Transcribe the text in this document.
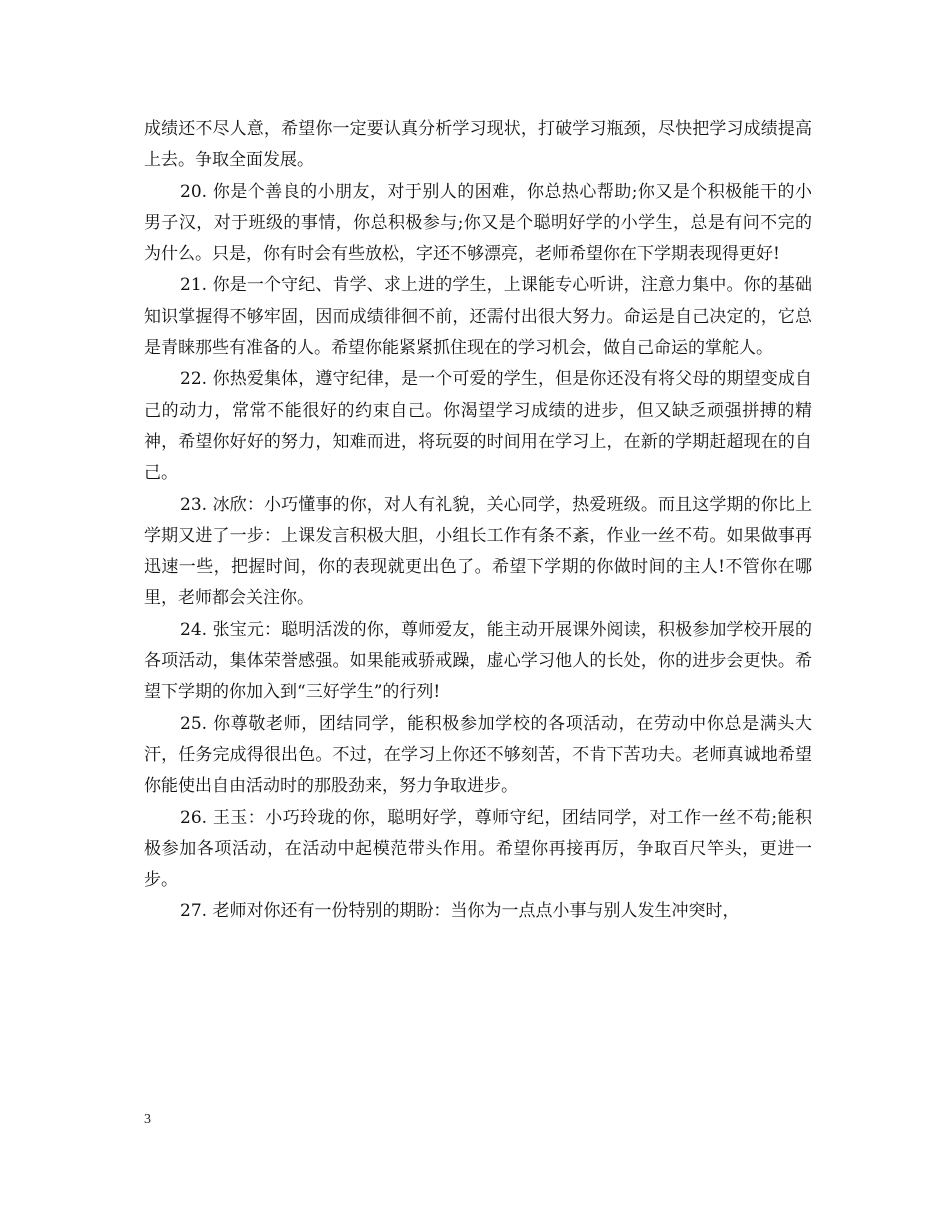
成绩还不尽人意，希望你一定要认真分析学习现状，打破学习瓶颈，尽快把学习成绩提高上去。争取全面发展。

20. 你是个善良的小朋友，对于别人的困难，你总热心帮助;你又是个积极能干的小男子汉，对于班级的事情，你总积极参与;你又是个聪明好学的小学生，总是有问不完的为什么。只是，你有时会有些放松，字还不够漂亮，老师希望你在下学期表现得更好!

21. 你是一个守纪、肯学、求上进的学生，上课能专心听讲，注意力集中。你的基础知识掌握得不够牢固，因而成绩徘徊不前，还需付出很大努力。命运是自己决定的，它总是青睐那些有准备的人。希望你能紧紧抓住现在的学习机会，做自己命运的掌舵人。

22. 你热爱集体，遵守纪律，是一个可爱的学生，但是你还没有将父母的期望变成自己的动力，常常不能很好的约束自己。你渴望学习成绩的进步，但又缺乏顽强拼搏的精神，希望你好好的努力，知难而进，将玩耍的时间用在学习上，在新的学期赶超现在的自己。

23. 冰欣：小巧懂事的你，对人有礼貌，关心同学，热爱班级。而且这学期的你比上学期又进了一步：上课发言积极大胆，小组长工作有条不紊，作业一丝不苟。如果做事再迅速一些，把握时间，你的表现就更出色了。希望下学期的你做时间的主人!不管你在哪里，老师都会关注你。

24. 张宝元：聪明活泼的你，尊师爱友，能主动开展课外阅读，积极参加学校开展的各项活动，集体荣誉感强。如果能戒骄戒躁，虚心学习他人的长处，你的进步会更快。希望下学期的你加入到“三好学生”的行列!

25. 你尊敬老师，团结同学，能积极参加学校的各项活动，在劳动中你总是满头大汗，任务完成得很出色。不过，在学习上你还不够刻苦，不肯下苦功夫。老师真诚地希望你能使出自由活动时的那股劲来，努力争取进步。

26. 王玉：小巧玲珑的你，聪明好学，尊师守纪，团结同学，对工作一丝不苟;能积极参加各项活动，在活动中起模范带头作用。希望你再接再厉，争取百尺竿头，更进一步。

27. 老师对你还有一份特别的期盼：当你为一点点小事与别人发生冲突时，

3
